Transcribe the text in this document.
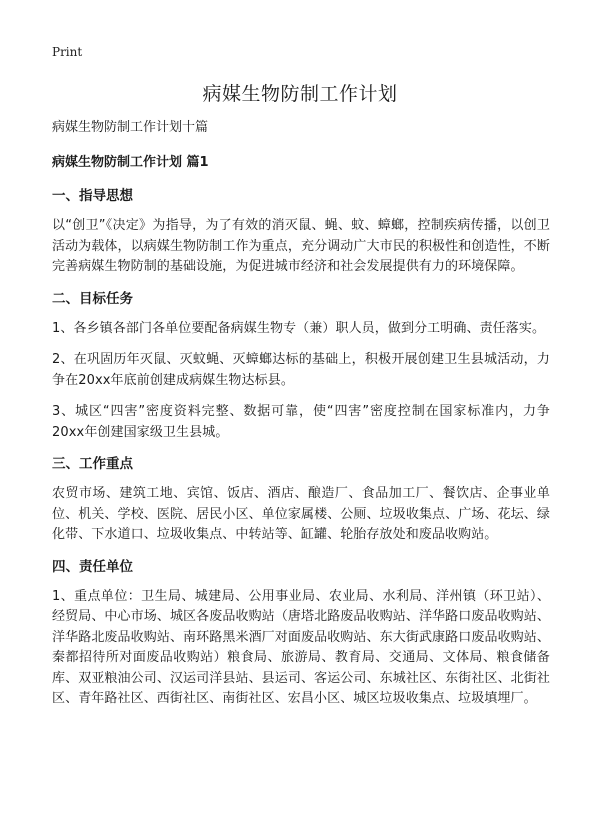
Print
病媒生物防制工作计划
病媒生物防制工作计划十篇
病媒生物防制工作计划 篇1
一、指导思想

以“创卫”《决定》为指导，为了有效的消灭鼠、蝇、蚊、蟑螂，控制疾病传播，以创卫活动为载体，以病媒生物防制工作为重点，充分调动广大市民的积极性和创造性，不断完善病媒生物防制的基础设施，为促进城市经济和社会发展提供有力的环境保障。

二、目标任务

1、各乡镇各部门各单位要配备病媒生物专（兼）职人员，做到分工明确、责任落实。

2、在巩固历年灭鼠、灭蚊蝇、灭蟑螂达标的基础上，积极开展创建卫生县城活动，力争在20xx年底前创建成病媒生物达标县。

3、城区“四害”密度资料完整、数据可靠，使“四害”密度控制在国家标准内，力争20xx年创建国家级卫生县城。

三、工作重点

农贸市场、建筑工地、宾馆、饭店、酒店、酿造厂、食品加工厂、餐饮店、企事业单位、机关、学校、医院、居民小区、单位家属楼、公厕、垃圾收集点、广场、花坛、绿化带、下水道口、垃圾收集点、中转站等、缸罐、轮胎存放处和废品收购站。

四、责任单位

1、重点单位：卫生局、城建局、公用事业局、农业局、水利局、洋州镇（环卫站）、经贸局、中心市场、城区各废品收购站（唐塔北路废品收购站、洋华路口废品收购站、洋华路北废品收购站、南环路黑米酒厂对面废品收购站、东大街武康路口废品收购站、秦都招待所对面废品收购站）粮食局、旅游局、教育局、交通局、文体局、粮食储备库、双亚粮油公司、汉运司洋县站、县运司、客运公司、东城社区、东街社区、北街社区、青年路社区、西街社区、南街社区、宏昌小区、城区垃圾收集点、垃圾填埋厂。
